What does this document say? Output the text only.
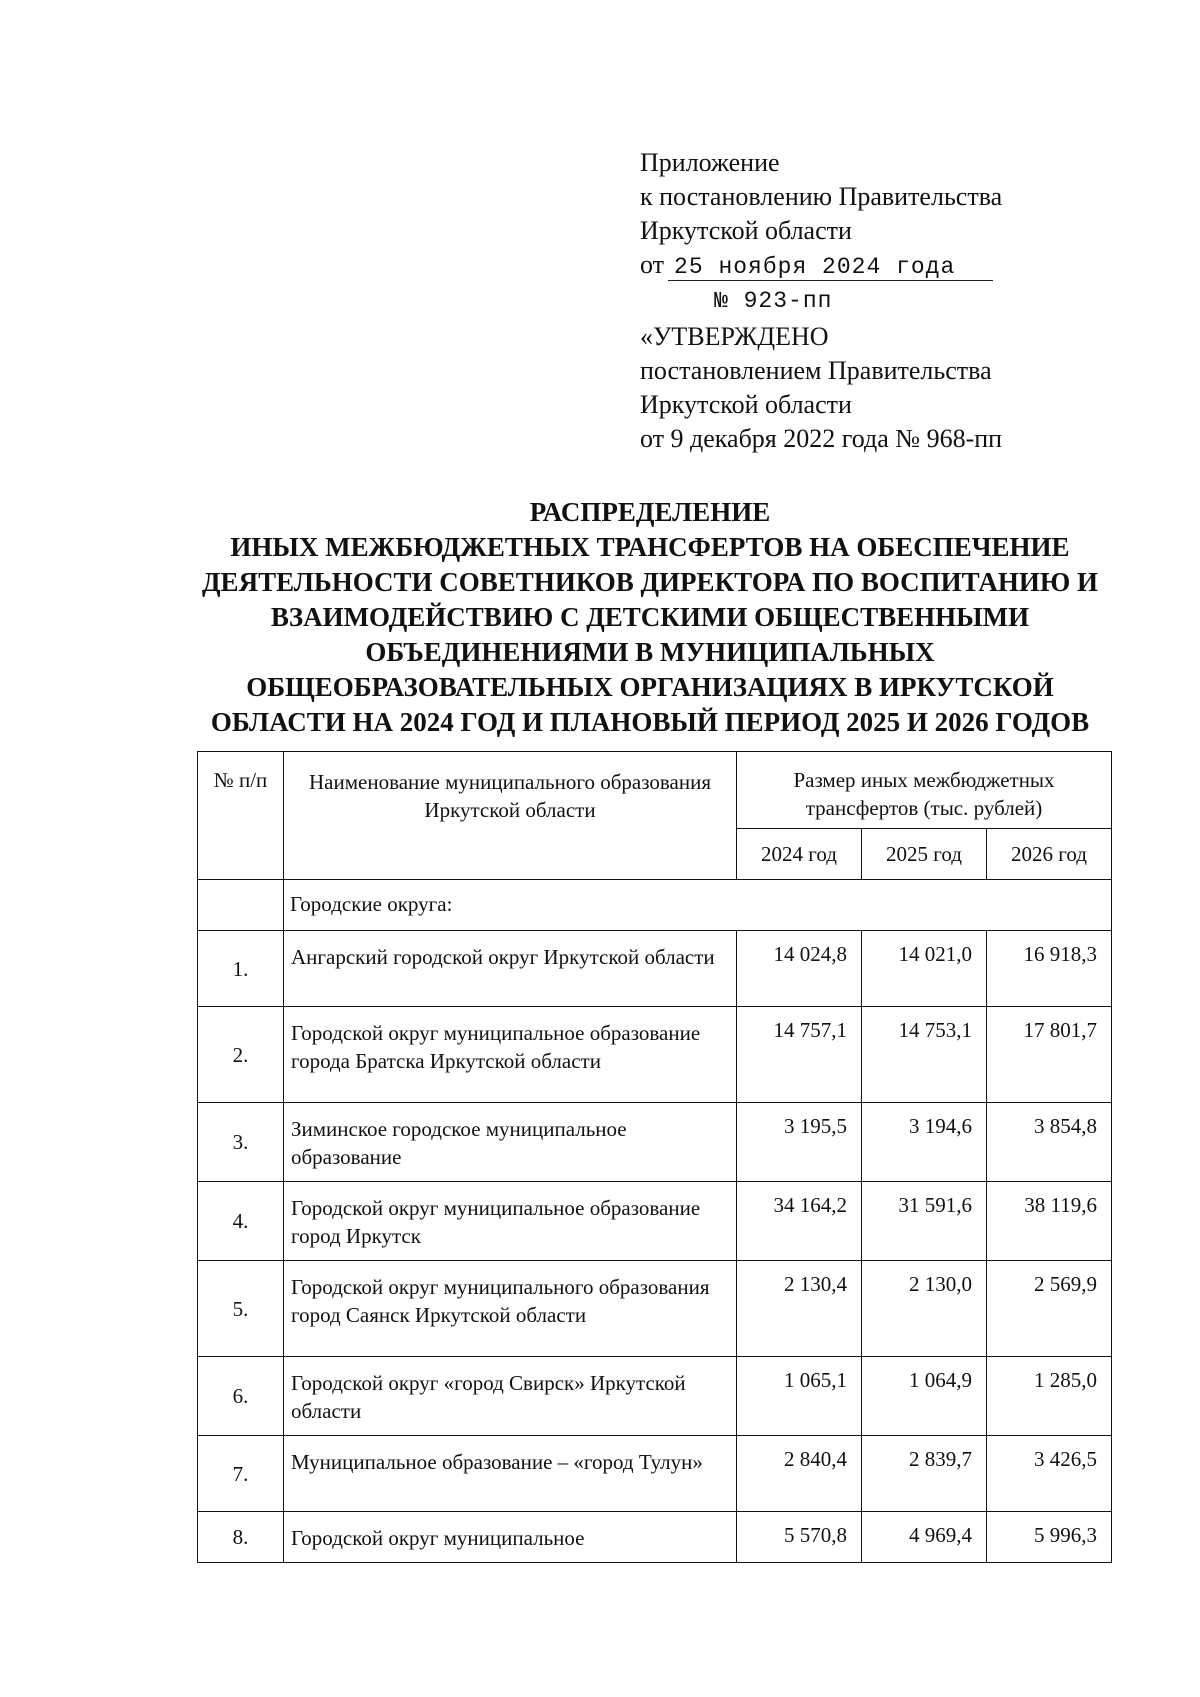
Приложение
к постановлению Правительства
Иркутской области
от 25 ноября 2024 года
№ 923-пп
«УТВЕРЖДЕНО
постановлением Правительства
Иркутской области
от 9 декабря 2022 года № 968-пп
РАСПРЕДЕЛЕНИЕ
ИНЫХ МЕЖБЮДЖЕТНЫХ ТРАНСФЕРТОВ НА ОБЕСПЕЧЕНИЕ
ДЕЯТЕЛЬНОСТИ СОВЕТНИКОВ ДИРЕКТОРА ПО ВОСПИТАНИЮ И
ВЗАИМОДЕЙСТВИЮ С ДЕТСКИМИ ОБЩЕСТВЕННЫМИ
ОБЪЕДИНЕНИЯМИ В МУНИЦИПАЛЬНЫХ
ОБЩЕОБРАЗОВАТЕЛЬНЫХ ОРГАНИЗАЦИЯХ В ИРКУТСКОЙ
ОБЛАСТИ НА 2024 ГОД И ПЛАНОВЫЙ ПЕРИОД 2025 И 2026 ГОДОВ
№ п/п	Наименование муниципального образования Иркутской области	Размер иных межбюджетных трансфертов (тыс. рублей)		
		2024 год	2025 год	2026 год
	Городские округа:			
1.	Ангарский городской округ Иркутской области	14 024,8	14 021,0	16 918,3
2.	Городской округ муниципальное образование города Братска Иркутской области	14 757,1	14 753,1	17 801,7
3.	Зиминское городское муниципальное образование	3 195,5	3 194,6	3 854,8
4.	Городской округ муниципальное образование город Иркутск	34 164,2	31 591,6	38 119,6
5.	Городской округ муниципального образования город Саянск Иркутской области	2 130,4	2 130,0	2 569,9
6.	Городской округ «город Свирск» Иркутской области	1 065,1	1 064,9	1 285,0
7.	Муниципальное образование – «город Тулун»	2 840,4	2 839,7	3 426,5
8.	Городской округ муниципальное	5 570,8	4 969,4	5 996,3
